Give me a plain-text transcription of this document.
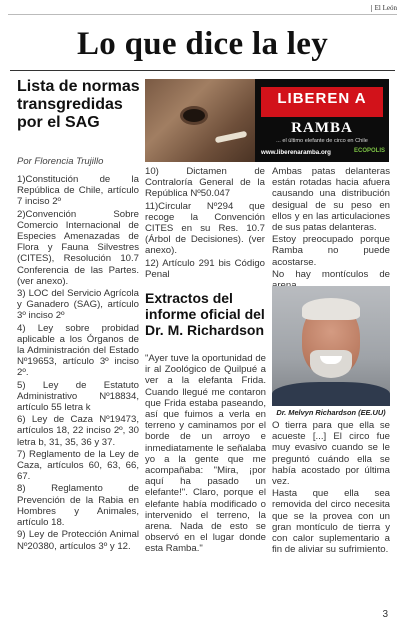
El León
Lo que dice la ley
Lista de normas transgredidas por el SAG
Por Florencia Trujillo

1)Constitución de la República de Chile, artículo 7 inciso 2º

2)Convención Sobre Comercio Internacional de Especies Amenazadas de Flora y Fauna Silvestres (CITES), Resolución 10.7 Conferencia de las Partes. (ver anexo).

3) LOC del Servicio Agrícola y Ganadero (SAG), artículo 3º inciso 2º

4) Ley sobre probidad aplicable a los Órganos de la Administración del Estado Nº19653, artículo 3º inciso 2º.

5) Ley de Estatuto Administrativo Nº18834, artículo 55 letra k

6) Ley de Caza Nº19473, artículos 18, 22 inciso 2º, 30 letra b, 31, 35, 36 y 37.

7) Reglamento de la Ley de Caza, artículos 60, 63, 66, 67.

8) Reglamento de Prevención de la Rabia en Hombres y Animales, artículo 18.

9) Ley de Protección Animal Nº20380, artículos 3º y 12.

LIBEREN A
RAMBA
... el último elefante de circo en Chile
www.liberenaramba.org	ECOPOLIS

10) Dictamen de Contraloría General de la República Nº50.047

11)Circular Nº294 que recoge la Convención CITES en su Res. 10.7 (Árbol de Decisiones). (ver anexo).

12) Artículo 291 bis Código Penal

Extractos del informe oficial del Dr. M. Richardson

"Ayer tuve la oportunidad de ir al Zoológico de Quilpué a ver a la elefanta Frida. Cuando llegué me contaron que Frida estaba paseando, así que fuimos a verla en terreno y caminamos por el borde de un arroyo e inmediatamente le señalaba yo a la gente que me acompañaba: "Mira, ¡por aquí ha pasado un elefante!". Claro, porque el elefante había modificado o intervenido el terreno, la arena. Nada de esto se observó en el lugar donde esta Ramba."

Ambas patas delanteras están rotadas hacia afuera causando una distribución desigual de su peso en ellos y en las articulaciones de sus patas delanteras.

Estoy preocupado porque Ramba no puede acostarse.

No hay montículos de

Dr. Melvyn Richardson (EE.UU)

O tierra para que ella se acueste [...] El circo fue muy evasivo cuando se le preguntó cuándo ella se había acostado por última vez.

Hasta que ella sea removida del circo necesita que se la provea con un gran montículo de tierra y con calor suplementario a fin de aliviar su sufrimiento.

3
